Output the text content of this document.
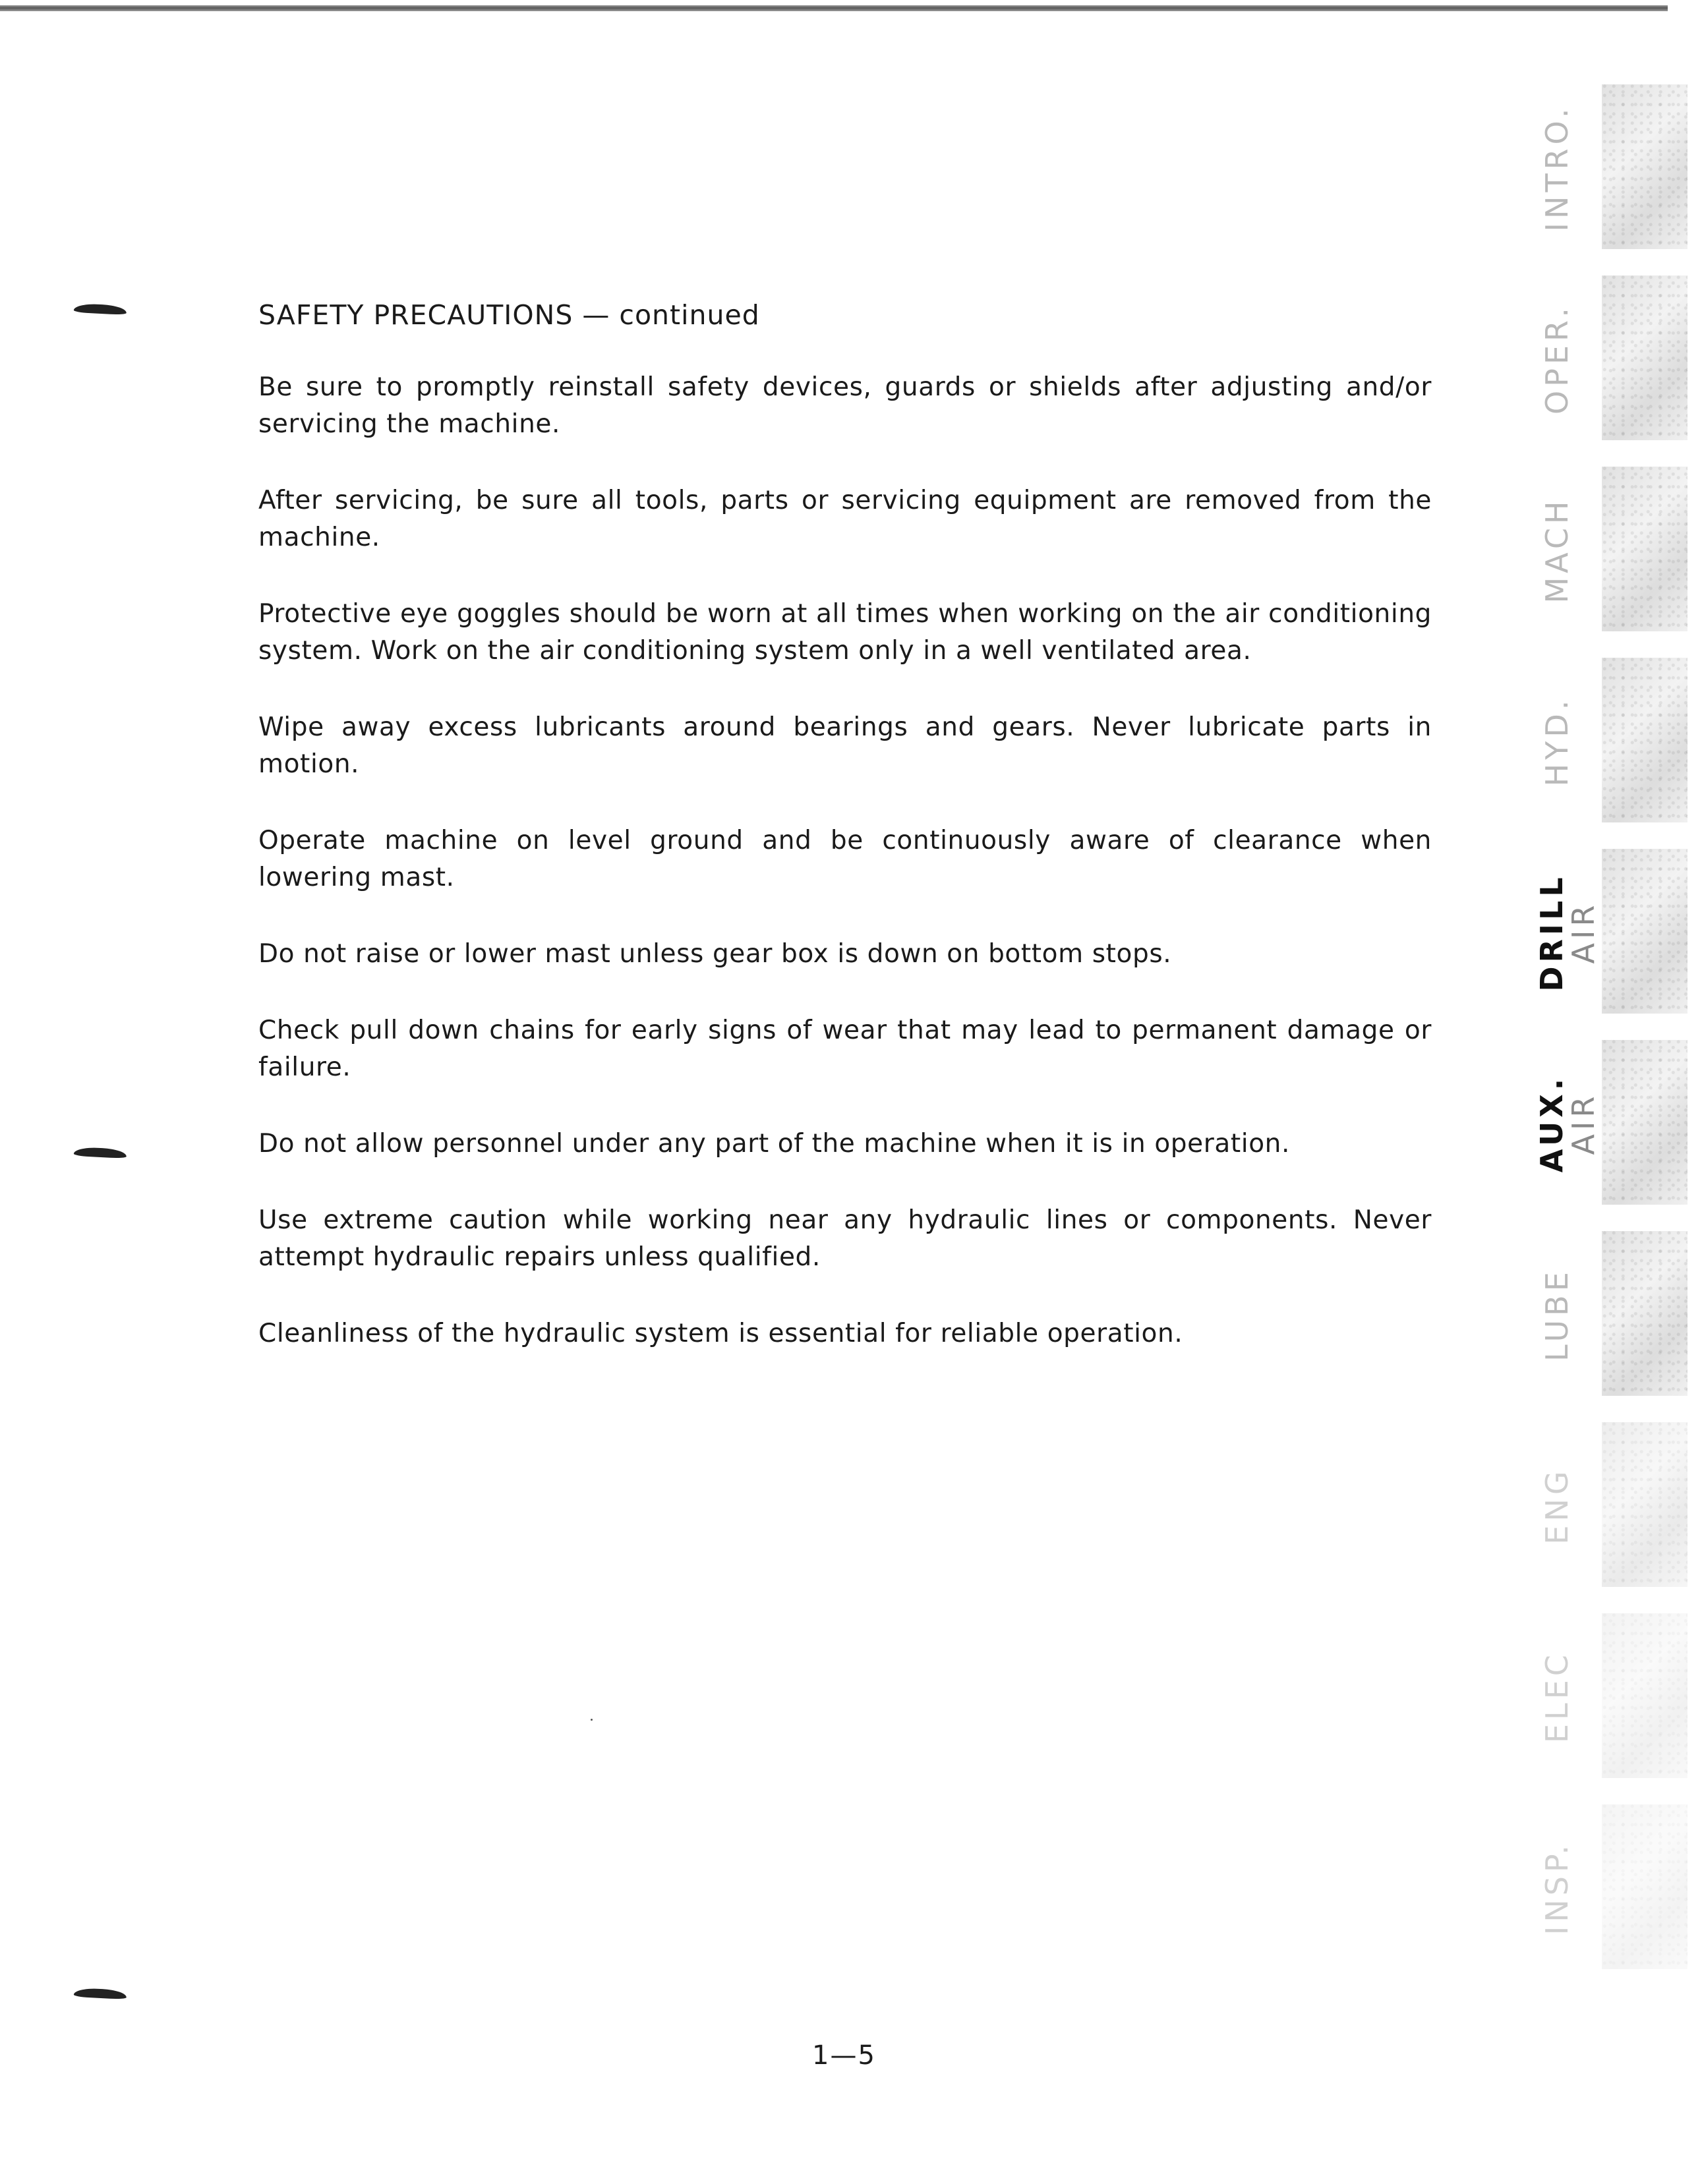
SAFETY PRECAUTIONS — continued

Be sure to promptly reinstall safety devices, guards or shields after adjusting and/or servicing the machine.

After servicing, be sure all tools, parts or servicing equipment are removed from the machine.

Protective eye goggles should be worn at all times when working on the air conditioning system. Work on the air conditioning system only in a well ventilated area.

Wipe away excess lubricants around bearings and gears. Never lubricate parts in motion.

Operate machine on level ground and be continuously aware of clearance when lowering mast.

Do not raise or lower mast unless gear box is down on bottom stops.

Check pull down chains for early signs of wear that may lead to permanent damage or failure.

Do not allow personnel under any part of the machine when it is in operation.

Use extreme caution while working near any hydraulic lines or components. Never attempt hydraulic repairs unless qualified.

Cleanliness of the hydraulic system is essential for reliable operation.

1—5
INTRO.
OPER.
MACH
HYD.
DRILL
AIR
AUX.
AIR
LUBE
ENG
ELEC
INSP.
